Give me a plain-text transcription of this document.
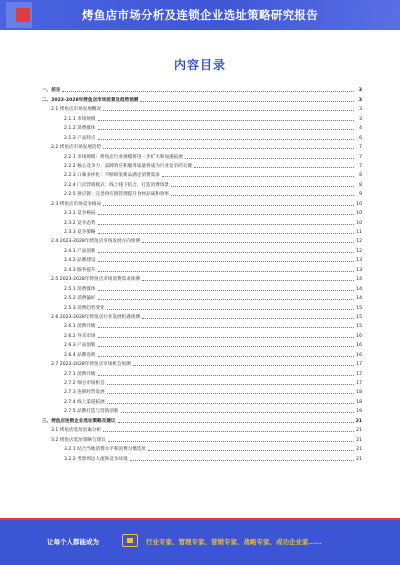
烤鱼店市场分析及连锁企业选址策略研究报告
内容目录
一、前言	3
二、2023-2028年烤鱼店市场前景及趋势预测	3
2.1 烤鱼店市场发展概况	3
2.1.1 市场规模	3
2.1.2 消费群体	4
2.1.3 产品特点	6
2.2 烤鱼店市场发展趋势	7
2.2.1 市场规模：烤鱼店行业规模将进一步扩大和加速拓展	7
2.2.2 核心竞争力：品牌效应和服务质量将成为行业竞争的关键	7
2.2.3 口味多样化：不断研发新品满足消费需求	8
2.2.4 门店营销模式：线上线下结合，打造消费场景	8
2.2.5 供应链：完善供应链管理提升食材品质和效率	9
2.3 烤鱼店市场竞争格局	10
2.3.1 竞争格局	10
2.3.2 竞争态势	10
2.3.3 竞争策略	11
2.4 2023-2028年烤鱼店市场发展方向预测	12
2.4.1 产品创新	12
2.4.2 品牌建设	13
2.4.3 服务提升	13
2.5 2023-2028年烤鱼店市场消费需求预测	14
2.5.1 消费群体	14
2.5.2 消费偏好	14
2.5.3 消费趋势变化	15
2.6 2023-2028年烤鱼店行业发展机遇预测	15
2.6.1 消费升级	15
2.6.2 外卖市场	16
2.6.3 产品创新	16
2.6.4 品牌连锁	16
2.7 2023-2028年烤鱼店市场机会预测	17
2.7.1 消费升级	17
2.7.2 细分市场机会	17
2.7.3 连锁经营发展	18
2.7.4 线上渠道拓展	18
2.7.5 品牌打造与营销创新	19
三、烤鱼店连锁企业选址策略及建议	21
3.1 烤鱼店选址因素分析	21
3.2 烤鱼店选址策略与建议	21
3.2.1 结合当地消费水平和消费习惯选址	21
3.2.2 考察周边人流和竞争环境	21
让每个人都能成为	行业专家、管理专家、营销专家、战略专家、成功企业家……
